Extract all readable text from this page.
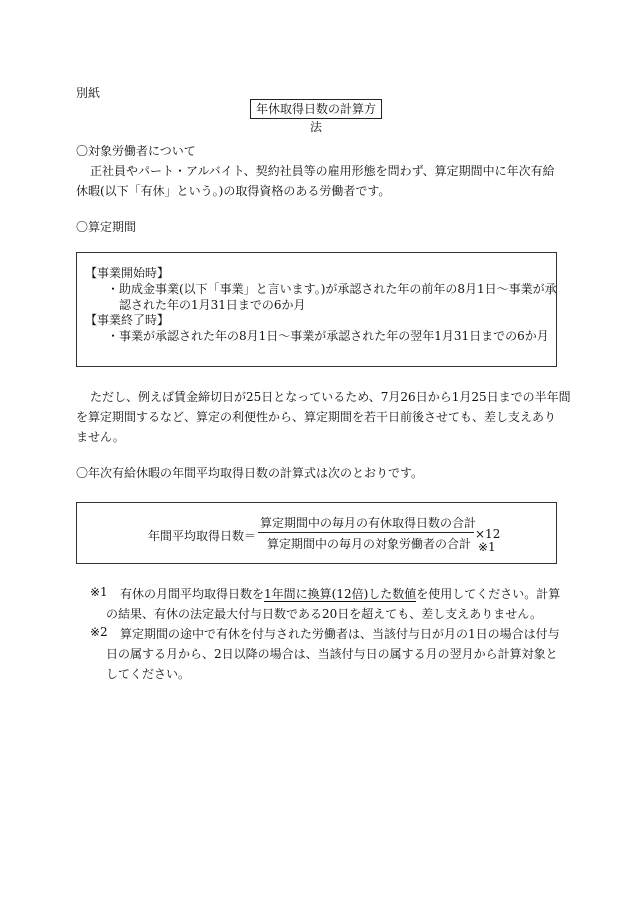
別紙
年休取得日数の計算方法
〇対象労働者について
正社員やパート・アルバイト、契約社員等の雇用形態を問わず、算定期間中に年次有給
休暇(以下「有休」という。)の取得資格のある労働者です。
〇算定期間
【事業開始時】
・助成金事業(以下「事業」と言います。)が承認された年の前年の8月1日～事業が承
認された年の1月31日までの6か月
【事業終了時】
・事業が承認された年の8月1日～事業が承認された年の翌年1月31日までの6か月
ただし、例えば賃金締切日が25日となっているため、7月26日から1月25日までの半年間
を算定期間するなど、算定の利便性から、算定期間を若干日前後させても、差し支えあり
ません。
〇年次有給休暇の年間平均取得日数の計算式は次のとおりです。
年間平均取得日数＝
算定期間中の毎月の有休取得日数の合計
算定期間中の毎月の対象労働者の合計
×12
※1
※1 有休の月間平均取得日数を1年間に換算(12倍)した数値を使用してください。計算
の結果、有休の法定最大付与日数である20日を超えても、差し支えありません。
※2 算定期間の途中で有休を付与された労働者は、当該付与日が月の1日の場合は付与
日の属する月から、2日以降の場合は、当該付与日の属する月の翌月から計算対象と
してください。
